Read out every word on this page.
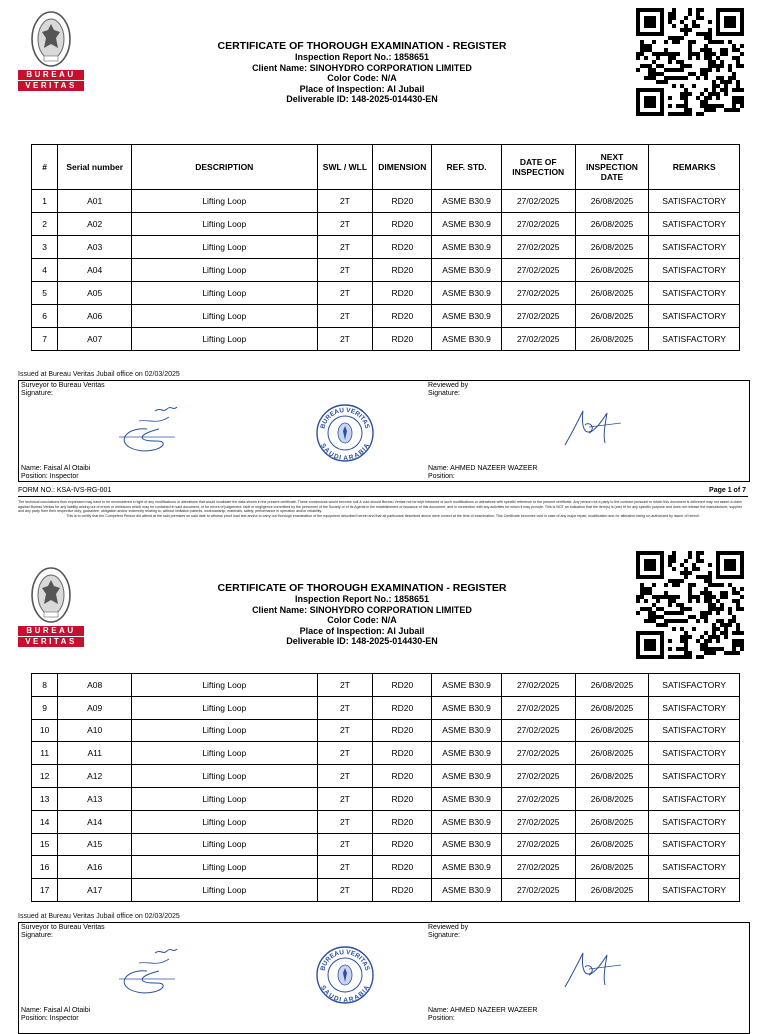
BUREAU
VERITAS
CERTIFICATE OF THOROUGH EXAMINATION - REGISTER
Inspection Report No.: 1858651
Client Name: SINOHYDRO CORPORATION LIMITED
Color Code: N/A
Place of Inspection: Al Jubail
Deliverable ID: 148-2025-014430-EN
#	Serial number	DESCRIPTION	SWL / WLL	DIMENSION	REF. STD.	DATE OF INSPECTION	NEXT INSPECTION DATE	REMARKS
1	A01	Lifting Loop	2T	RD20	ASME B30.9	27/02/2025	26/08/2025	SATISFACTORY
2	A02	Lifting Loop	2T	RD20	ASME B30.9	27/02/2025	26/08/2025	SATISFACTORY
3	A03	Lifting Loop	2T	RD20	ASME B30.9	27/02/2025	26/08/2025	SATISFACTORY
4	A04	Lifting Loop	2T	RD20	ASME B30.9	27/02/2025	26/08/2025	SATISFACTORY
5	A05	Lifting Loop	2T	RD20	ASME B30.9	27/02/2025	26/08/2025	SATISFACTORY
6	A06	Lifting Loop	2T	RD20	ASME B30.9	27/02/2025	26/08/2025	SATISFACTORY
7	A07	Lifting Loop	2T	RD20	ASME B30.9	27/02/2025	26/08/2025	SATISFACTORY
Issued at Bureau Veritas Jubail office on 02/03/2025
Surveyor to Bureau Veritas
Signature:
Reviewed by
Signature:
BUREAU VERITAS
SAUDI ARABIA
Name: Faisal Al Otaibi
Position: Inspector
Name: AHMED NAZEER WAZEER
Position:
FORM NO.: KSA-IVS-RG-001	Page 1 of 7
The technical conclusions thus expressed may have to be reconsidered in light of any modifications or alterations that would invalidate the data shown in the present certificate. These conclusions would become null & void should Bureau Veritas not be kept informed of such modifications or alterations with specific reference to the present certificate. Any person not a party to the contract pursuant to which this document is delivered may not assert a claim against Bureau Veritas for any liability arising out of errors or omissions which may be contained in said document, or for errors of judgement, fault or negligence committed by the personnel of the Society or of its Agents in the establishment or issuance of this document, and in connection with any activities for which it may provide. This is NOT an indication that the item(s) is (are) fit for any specific purpose and does not release the manufacturer, supplier and any party from their respective duty, guarantee, obligation and/or indemnity relating to, without limitation patents, workmanship, materials, safety, performance in operation and/or reliability.
This is to certify that the Competent Person did attend at the said premises on said date to witness proof load test and/or to carry out thorough examination of the equipment described herein and that all particulars described above were correct at the time of examination. This Certificate becomes void in case of any major repair, modification and /or alteration being un-authorized by issuer of hereof.
BUREAU
VERITAS
CERTIFICATE OF THOROUGH EXAMINATION - REGISTER
Inspection Report No.: 1858651
Client Name: SINOHYDRO CORPORATION LIMITED
Color Code: N/A
Place of Inspection: Al Jubail
Deliverable ID: 148-2025-014430-EN
8	A08	Lifting Loop	2T	RD20	ASME B30.9	27/02/2025	26/08/2025	SATISFACTORY
9	A09	Lifting Loop	2T	RD20	ASME B30.9	27/02/2025	26/08/2025	SATISFACTORY
10	A10	Lifting Loop	2T	RD20	ASME B30.9	27/02/2025	26/08/2025	SATISFACTORY
11	A11	Lifting Loop	2T	RD20	ASME B30.9	27/02/2025	26/08/2025	SATISFACTORY
12	A12	Lifting Loop	2T	RD20	ASME B30.9	27/02/2025	26/08/2025	SATISFACTORY
13	A13	Lifting Loop	2T	RD20	ASME B30.9	27/02/2025	26/08/2025	SATISFACTORY
14	A14	Lifting Loop	2T	RD20	ASME B30.9	27/02/2025	26/08/2025	SATISFACTORY
15	A15	Lifting Loop	2T	RD20	ASME B30.9	27/02/2025	26/08/2025	SATISFACTORY
16	A16	Lifting Loop	2T	RD20	ASME B30.9	27/02/2025	26/08/2025	SATISFACTORY
17	A17	Lifting Loop	2T	RD20	ASME B30.9	27/02/2025	26/08/2025	SATISFACTORY
Issued at Bureau Veritas Jubail office on 02/03/2025
Surveyor to Bureau Veritas
Signature:
Reviewed by
Signature:
BUREAU VERITAS
SAUDI ARABIA
Name: Faisal Al Otaibi
Position: Inspector
Name: AHMED NAZEER WAZEER
Position:
